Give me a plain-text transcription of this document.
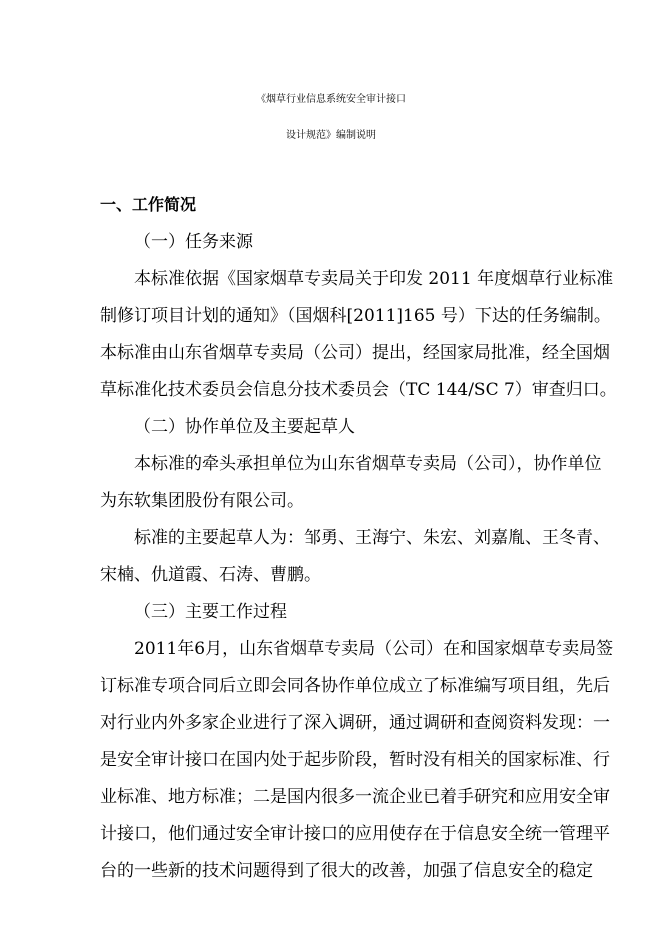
《烟草行业信息系统安全审计接口
设计规范》编制说明
一、工作简况
（一）任务来源
本标准依据《国家烟草专卖局关于印发 2011 年度烟草行业标准
制修订项目计划的通知》（国烟科[2011]165 号）下达的任务编制。
本标准由山东省烟草专卖局（公司）提出，经国家局批准，经全国烟
草标准化技术委员会信息分技术委员会（TC 144/SC 7）审查归口。
（二）协作单位及主要起草人
本标准的牵头承担单位为山东省烟草专卖局（公司），协作单位
为东软集团股份有限公司。
标准的主要起草人为：邹勇、王海宁、朱宏、刘嘉胤、王冬青、
宋楠、仇道霞、石涛、曹鹏。
（三）主要工作过程
2011年6月，山东省烟草专卖局（公司）在和国家烟草专卖局签
订标准专项合同后立即会同各协作单位成立了标准编写项目组，先后
对行业内外多家企业进行了深入调研，通过调研和查阅资料发现：一
是安全审计接口在国内处于起步阶段，暂时没有相关的国家标准、行
业标准、地方标准；二是国内很多一流企业已着手研究和应用安全审
计接口，他们通过安全审计接口的应用使存在于信息安全统一管理平
台的一些新的技术问题得到了很大的改善，加强了信息安全的稳定
